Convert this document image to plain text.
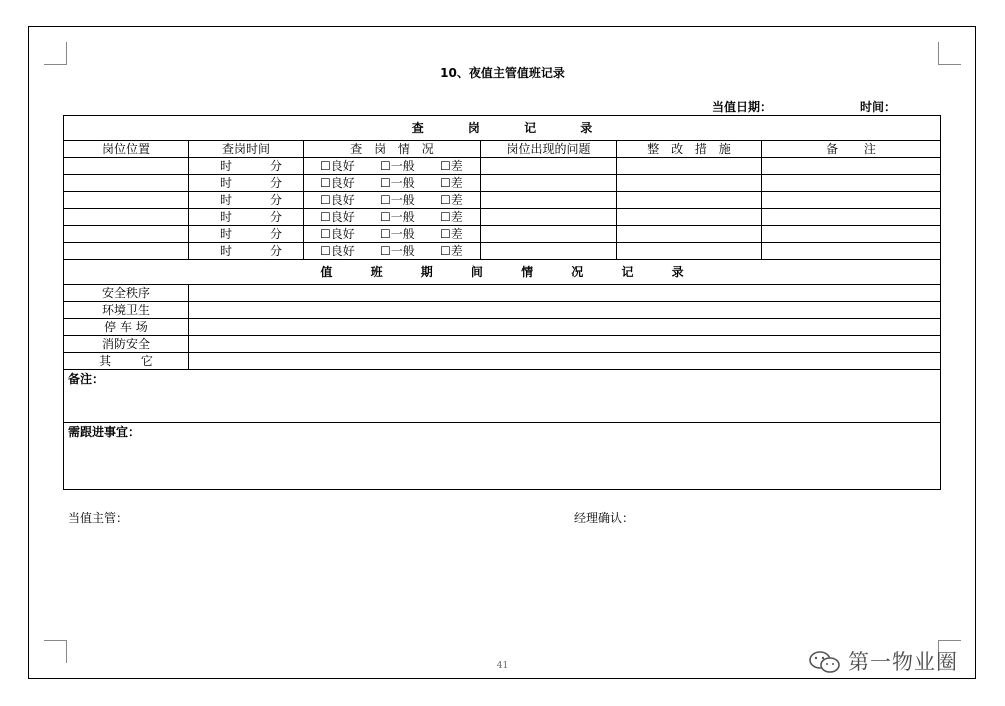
10、夜值主管值班记录
当值日期：	时间：
查 岗 记 录					
岗位位置	查岗时间	查 岗 情 况	岗位出现的问题	整 改 措 施	备 注
	时 分	☐良好 ☐一般 ☐差			
	时 分	☐良好 ☐一般 ☐差			
	时 分	☐良好 ☐一般 ☐差			
	时 分	☐良好 ☐一般 ☐差			
	时 分	☐良好 ☐一般 ☐差			
	时 分	☐良好 ☐一般 ☐差			
值 班 期 间 情 况 记 录					
安全秩序					
环境卫生					
停 车 场					
消防安全					
其 它					
备注：					
需跟进事宜：					
当值主管：	经理确认：
41	第一物业圈
